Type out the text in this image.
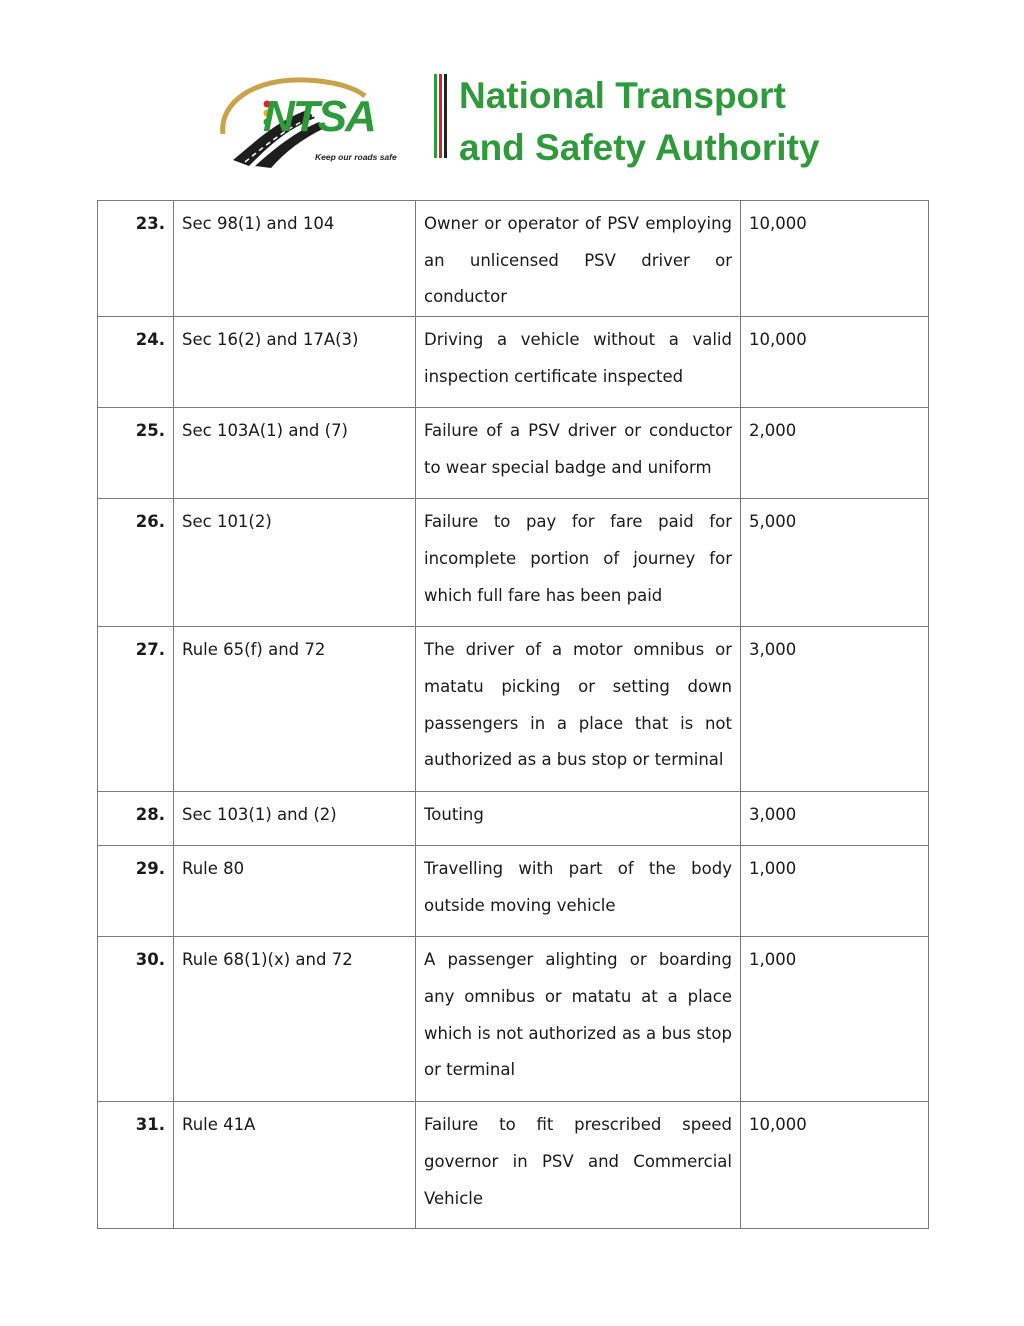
NTSA
Keep our roads safe
National Transport
and Safety Authority
23.	Sec 98(1) and 104	Owner or operator of PSV employing an unlicensed PSV driver or conductor	10,000
24.	Sec 16(2) and 17A(3)	Driving a vehicle without a valid inspection certificate inspected	10,000
25.	Sec 103A(1) and (7)	Failure of a PSV driver or conductor to wear special badge and uniform	2,000
26.	Sec 101(2)	Failure to pay for fare paid for incomplete portion of journey for which full fare has been paid	5,000
27.	Rule 65(f) and 72	The driver of a motor omnibus or matatu picking or setting down passengers in a place that is not authorized as a bus stop or terminal	3,000
28.	Sec 103(1) and (2)	Touting	3,000
29.	Rule 80	Travelling with part of the body outside moving vehicle	1,000
30.	Rule 68(1)(x) and 72	A passenger alighting or boarding any omnibus or matatu at a place which is not authorized as a bus stop or terminal	1,000
31.	Rule 41A	Failure to fit prescribed speed governor in PSV and Commercial Vehicle	10,000
